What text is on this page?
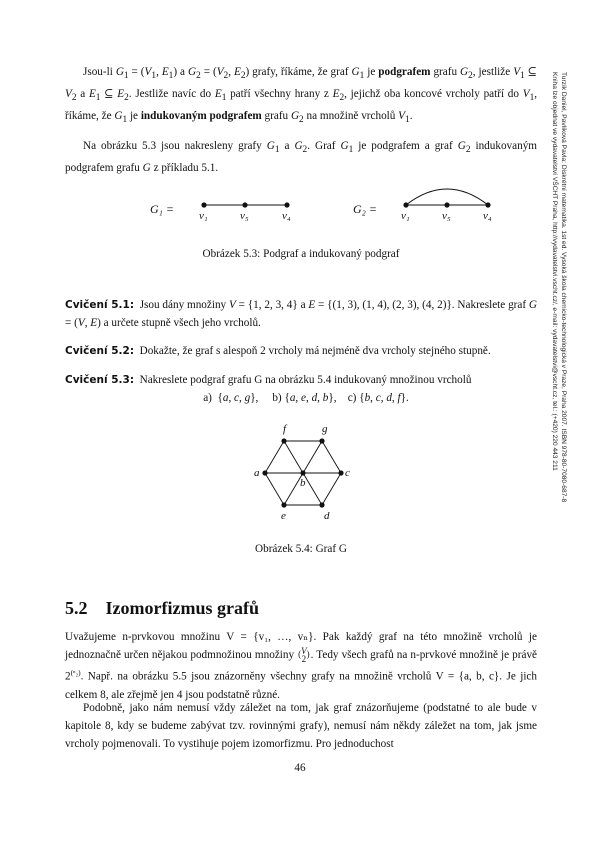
Jsou-li $G_1 = (V_1$, $E_1$) a $G_2 = (V_2$, $E_2$) grafy, říkáme, že graf $G_1$ je podgrafem grafu $G_2$, jestliže $V_1$ ⊆ $V_2$ a $E_1$ ⊆ $E_2$. Jestliže navíc do $E_1$ patří všechny hrany z $E_2$, jejichž oba koncové vrcholy patří do $V_1$, říkáme, že $G_1$ je indukovaným podgrafem grafu $G_2$ na množině vrcholů $V_1$.
Na obrázku 5.3 jsou nakresleny grafy $G_1$ a $G_2$. Graf $G_1$ je podgrafem a graf $G_2$ indukovaným podgrafem grafu G z příkladu 5.1.
G₁ = v₁	v₅	v₄	G₂ = v₁	v₅	v₄
Obrázek 5.3: Podgraf a indukovaný podgraf
Cvičení 5.1:  Jsou dány množiny V = {1, 2, 3, 4} a E = {(1, 3), (1, 4), (2, 3), (4, 2)}. Nakreslete graf G = (V, E) a určete stupně všech jeho vrcholů.
Cvičení 5.2: Dokažte, že graf s alespoň 2 vrcholy má nejméně dva vrcholy stejného stupně.
Cvičení 5.3: Nakreslete podgraf grafu G na obrázku 5.4 indukovaný množinou vrcholů
a)  {a, c, g},     b) {a, e, d, b},    c) {b, c, d, f}.
f	g
a
b
c
e	d
Obrázek 5.4: Graf G
5.2 Izomorfizmus grafů
Uvažujeme n-prvkovou množinu V = {v₁, …, vₙ}. Pak každý graf na této množině vrcholů je jednoznačně určen nějakou podmnožinou množiny (V
2). Tedy všech grafů na n-prvkové množině je právě $2^{(^n_2)}$. Např. na obrázku 5.5 jsou znázorněny všechny grafy na množině vrcholů V = {a, b, c}. Je jich celkem 8, ale zřejmě jen 4 jsou podstatně různé.
Podobně, jako nám nemusí vždy záležet na tom, jak graf znázorňujeme (podstatné to ale bude v kapitole 8, kdy se budeme zabývat tzv. rovinnými grafy), nemusí nám někdy záležet na tom, jak jsme vrcholy pojmenovali. To vystihuje pojem izomorfizmu. Pro jednoduchost
46
Turzík Daniel, Pavlíková Pavla: Diskrétní matematika. 1st ed. Vysoká škola chemicko-technologická v Praze, Praha 2007. ISBN 978-80-7080-687-8
Kniha lze objednat ve vydavatelství VŠCHT Praha, http://vydavatelstvi.vscht.cz/, e-mail: vydavatelstvi@vscht.cz, tel.: (+420) 220 443 211
